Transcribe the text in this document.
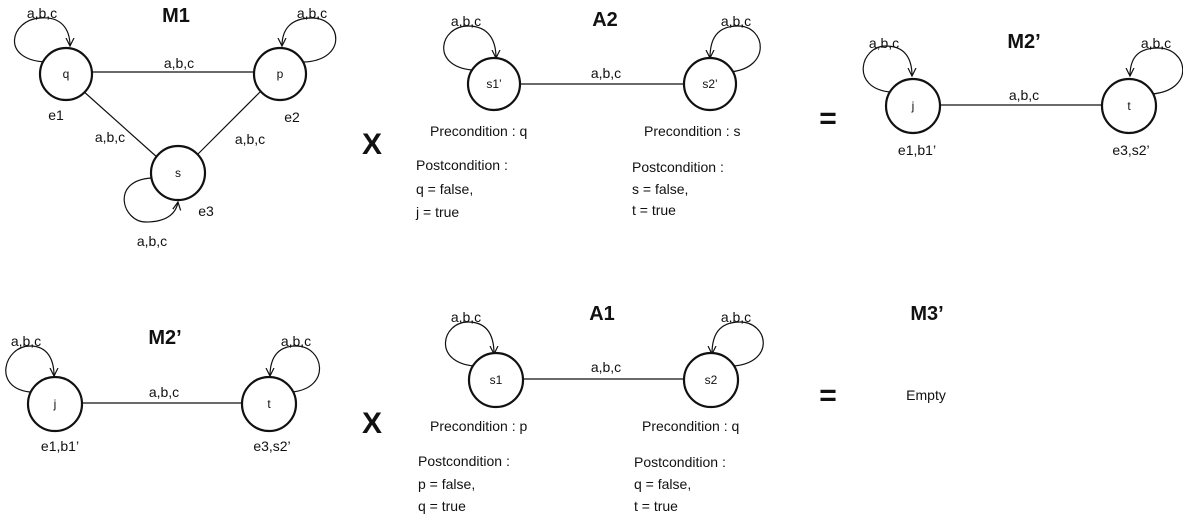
M1
q	p
s
a,b,c	a,b,c
a,b,c
a,b,c
a,b,c	a,b,c
e1	e2
e3
X
A2
s1’	s2’
a,b,c	a,b,c
a,b,c
Precondition : q	Precondition : s
Postcondition :
q = false,
j = true
Postcondition :
s = false,
t = true
=
M2’
j	t
a,b,c	a,b,c
a,b,c
e1,b1’	e3,s2’
M2’
j	t
a,b,c	a,b,c
a,b,c
e1,b1’	e3,s2’
X
A1
s1	s2
a,b,c	a,b,c
a,b,c
Precondition : p	Precondition : q
Postcondition :
p = false,
q = true
Postcondition :
q = false,
t = true
=
M3’
Empty
